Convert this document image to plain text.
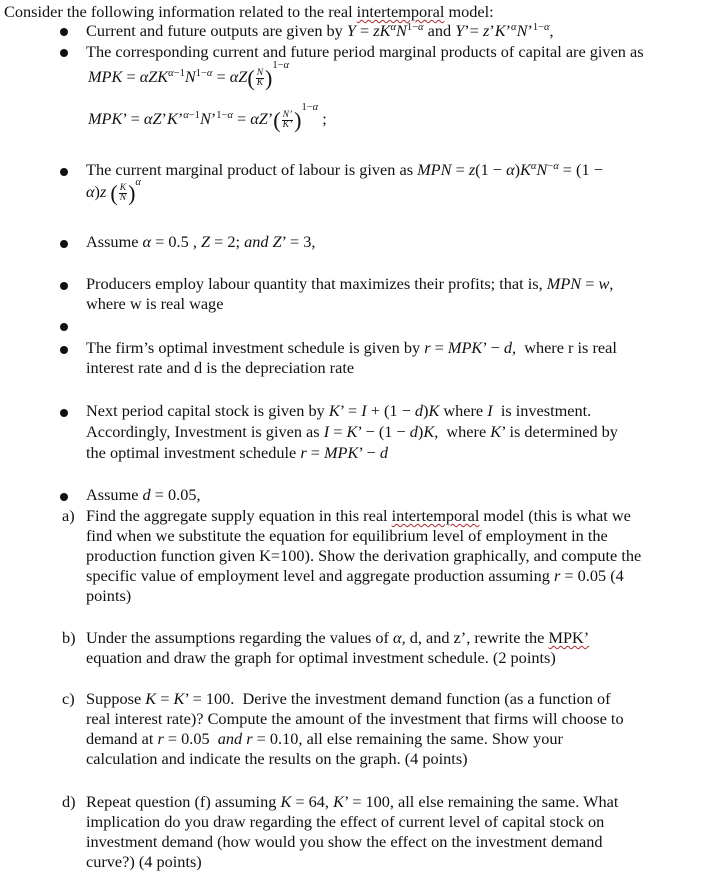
Consider the following information related to the real intertemporal model:
Current and future outputs are given by $Y = zK^\alpha N^{1-\alpha}$ and Y’= z’K’$^\alpha$N’$^{1-\alpha}$,
The corresponding current and future period marginal products of capital are given as
MPK = $\alpha ZK^{\alpha-1}N^{1-\alpha} = \alpha Z( \frac{N}{K} )^{1-\alpha}$
MPK’ = αZ’K’$^{\alpha-1}$N’$^{1-\alpha}$ = αZ’( $\frac{N’}{K’} )^{1-\alpha}$ ;
The current marginal product of labour is given as MPN = $z(1 - \alpha)K^\alpha N^{-\alpha} = (1$ −
α)z ( $\frac{K}{N} )^\alpha$
Assume α = 0.5 , Z = 2; and Z’ = 3,
Producers employ labour quantity that maximizes their profits; that is, MPN = w,
where w is real wage
The firm’s optimal investment schedule is given by r = MPK’ − d,  where r is real
interest rate and d is the depreciation rate
Next period capital stock is given by K’ = I + (1 − d)K where I is investment.
Accordingly, Investment is given as I = K’ − (1 − d)K,  where K’ is determined by
the optimal investment schedule r = MPK’ − d
Assume d = 0.05,
a) Find the aggregate supply equation in this real intertemporal model (this is what we
find when we substitute the equation for equilibrium level of employment in the
production function given K=100). Show the derivation graphically, and compute the
specific value of employment level and aggregate production assuming r = 0.05 (4
points)
b) Under the assumptions regarding the values of α, d, and z’, rewrite the MPK’
equation and draw the graph for optimal investment schedule. (2 points)
c) Suppose K = K’ = 100.  Derive the investment demand function (as a function of
real interest rate)? Compute the amount of the investment that firms will choose to
demand at r = 0.05  and r = 0.10, all else remaining the same. Show your
calculation and indicate the results on the graph. (4 points)
d) Repeat question (f) assuming K = 64, K’ = 100, all else remaining the same. What
implication do you draw regarding the effect of current level of capital stock on
investment demand (how would you show the effect on the investment demand
curve?) (4 points)
